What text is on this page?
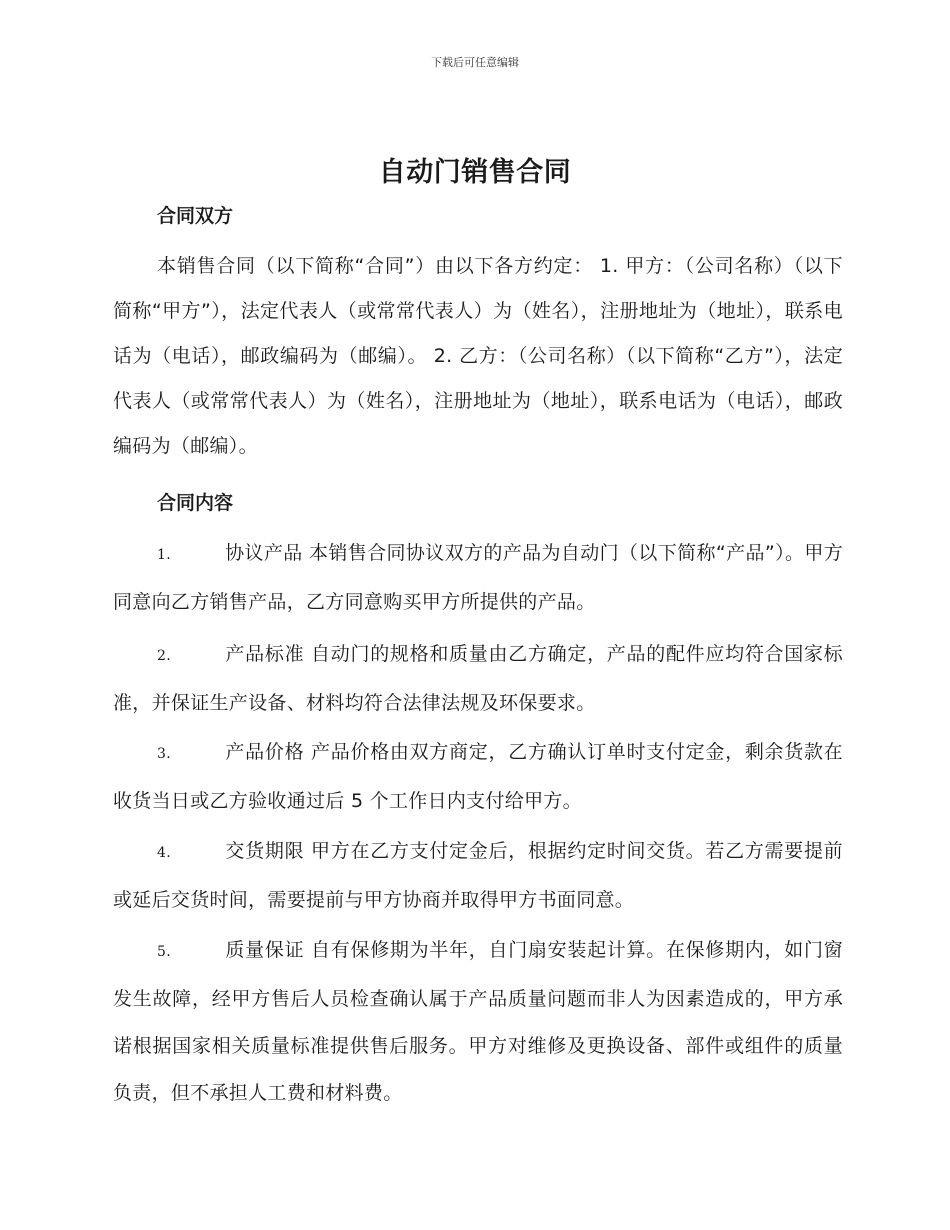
下载后可任意编辑
自动门销售合同
合同双方

本销售合同（以下简称“合同”）由以下各方约定： 1. 甲方：（公司名称）（以下简称“甲方”），法定代表人（或常常代表人）为（姓名），注册地址为（地址），联系电话为（电话），邮政编码为（邮编）。 2. 乙方：（公司名称）（以下简称“乙方”），法定代表人（或常常代表人）为（姓名），注册地址为（地址），联系电话为（电话），邮政编码为（邮编）。

合同内容

1.	协议产品 本销售合同协议双方的产品为自动门（以下简称“产品”）。甲方同意向乙方销售产品，乙方同意购买甲方所提供的产品。

2.	产品标准 自动门的规格和质量由乙方确定，产品的配件应均符合国家标准，并保证生产设备、材料均符合法律法规及环保要求。

3.	产品价格 产品价格由双方商定，乙方确认订单时支付定金，剩余货款在收货当日或乙方验收通过后 5 个工作日内支付给甲方。

4.	交货期限 甲方在乙方支付定金后，根据约定时间交货。若乙方需要提前或延后交货时间，需要提前与甲方协商并取得甲方书面同意。

5.	质量保证 自有保修期为半年，自门扇安装起计算。在保修期内，如门窗发生故障，经甲方售后人员检查确认属于产品质量问题而非人为因素造成的，甲方承诺根据国家相关质量标准提供售后服务。甲方对维修及更换设备、部件或组件的质量负责，但不承担人工费和材料费。
